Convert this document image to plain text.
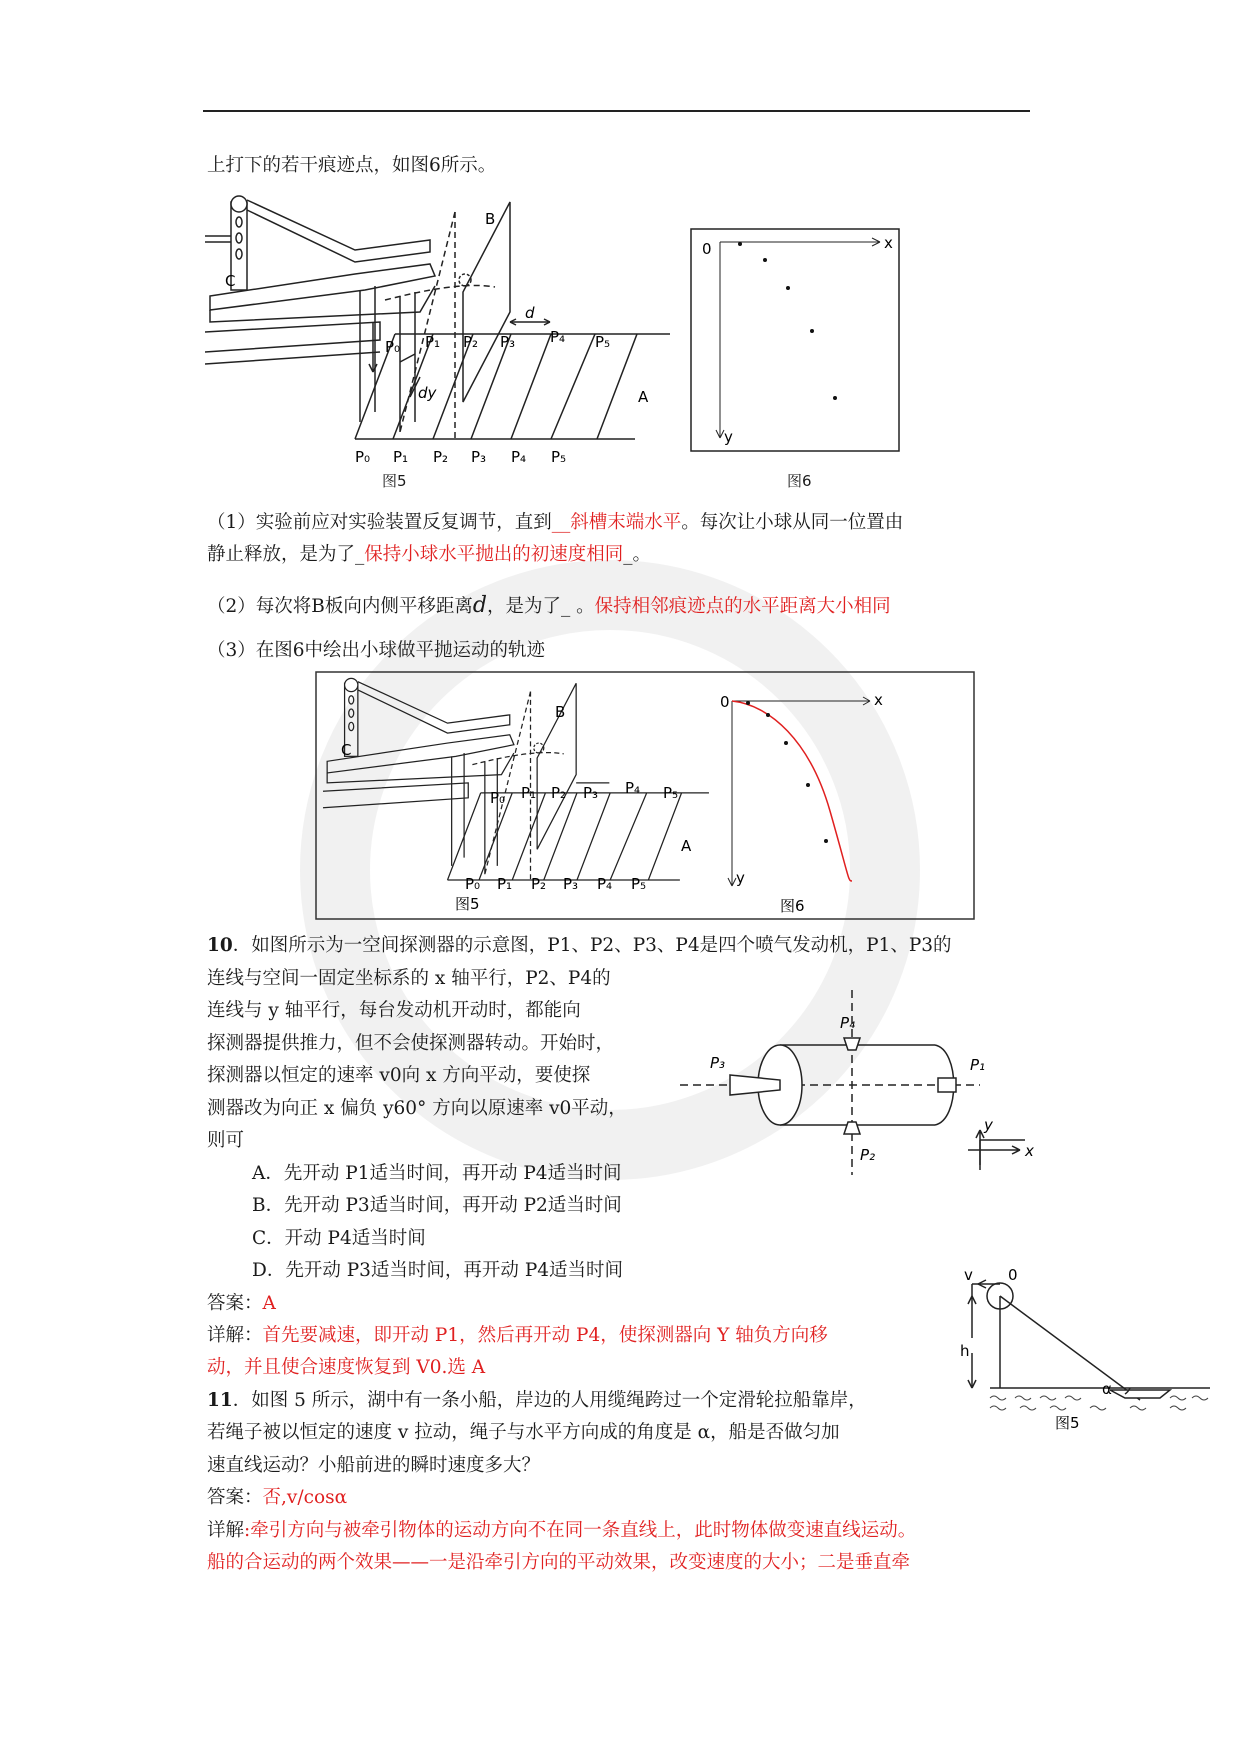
上打下的若干痕迹点，如图6所示。
B
C
A
d
dy
P₀ P₁ P₂ P₃ P₄ P₅
P₀ P₁ P₂ P₃ P₄ P₅
图5
0	x
y
图6
（1）实验前应对实验装置反复调节，直到__斜槽末端水平。每次让小球从同一位置由
静止释放，是为了_保持小球水平抛出的初速度相同_。
（2）每次将B板向内侧平移距离d，是为了_ 。保持相邻痕迹点的水平距离大小相同
（3）在图6中绘出小球做平抛运动的轨迹
B
C
A
P₀ P₁ P₂ P₃ P₄ P₅
P₀ P₁ P₂ P₃ P₄ P₅
图5
0	x
y
图6
10．如图所示为一空间探测器的示意图，P1、P2、P3、P4是四个喷气发动机，P1、P3的
连线与空间一固定坐标系的 x 轴平行，P2、P4的
连线与 y 轴平行，每台发动机开动时，都能向
探测器提供推力，但不会使探测器转动。开始时，
探测器以恒定的速率 v0向 x 方向平动，要使探
测器改为向正 x 偏负 y60° 方向以原速率 v0平动，
则可
A．先开动 P1适当时间，再开动 P4适当时间
B．先开动 P3适当时间，再开动 P2适当时间
C．开动 P4适当时间
D．先开动 P3适当时间，再开动 P4适当时间
答案：A
详解：首先要减速，即开动 P1，然后再开动 P4，使探测器向 Y 轴负方向移
动，并且使合速度恢复到 V0.选 A
P₄
P₃	P₁
P₂	x
y
11．如图 5 所示，湖中有一条小船，岸边的人用缆绳跨过一个定滑轮拉船靠岸，
若绳子被以恒定的速度 v 拉动，绳子与水平方向成的角度是 α，船是否做匀加
速直线运动？小船前进的瞬时速度多大？
答案：否,v/cosα
详解:牵引方向与被牵引物体的运动方向不在同一条直线上，此时物体做变速直线运动。
船的合运动的两个效果——一是沿牵引方向的平动效果，改变速度的大小；二是垂直牵
v 0
h
α
图5
